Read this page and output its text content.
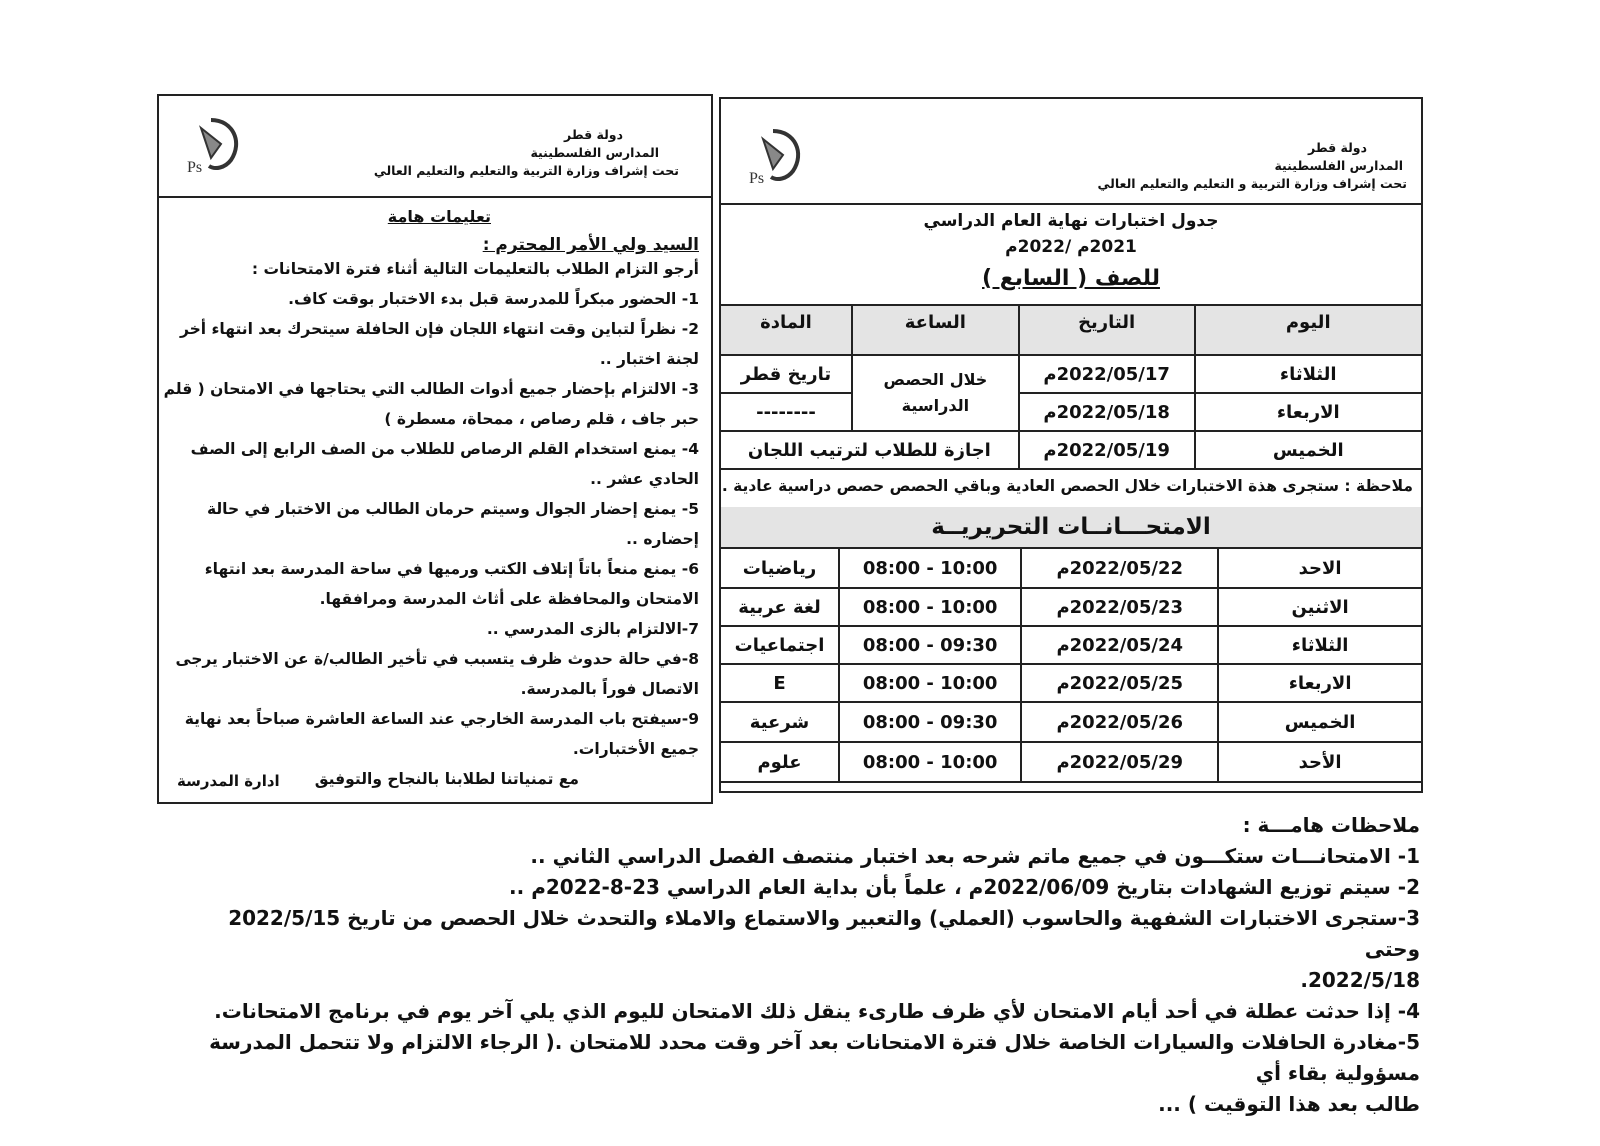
Ps
دولة قطر
المدارس الفلسطينية
تحت إشراف وزارة التربية و التعليم والتعليم العالي
جدول اختبارات نهاية العام الدراسي
2021م /2022م
للصف ( السابع )
اليوم	التاريخ	الساعة	المادة
الثلاثاء	2022/05/17م	خلال الحصص الدراسية	تاريخ قطر
الاربعاء	2022/05/18م		--------
الخميس	2022/05/19م	اجازة للطلاب لترتيب اللجان	
ملاحظة : ستجرى هذة الاختبارات خلال الحصص العادية وباقي الحصص حصص دراسية عادية .
الامتحـــانــات التحريريــة
الاحد	2022/05/22م	08:00 - 10:00	رياضيات
الاثنين	2022/05/23م	08:00 - 10:00	لغة عربية
الثلاثاء	2022/05/24م	08:00 - 09:30	اجتماعيات
الاربعاء	2022/05/25م	08:00 - 10:00	E
الخميس	2022/05/26م	08:00 - 09:30	شرعية
الأحد	2022/05/29م	08:00 - 10:00	علوم
Ps
دولة قطر
المدارس الفلسطينية
تحت إشراف وزارة التربية والتعليم والتعليم العالي
تعليمات هامة
السيد ولي الأمر المحترم :
أرجو التزام الطلاب بالتعليمات التالية أثناء فترة الامتحانات :
1- الحضور مبكراً للمدرسة قبل بدء الاختبار بوقت كاف.
2- نظراً لتباين وقت انتهاء اللجان فإن الحافلة سيتحرك بعد انتهاء أخر
لجنة اختبار ..
3- الالتزام بإحضار جميع أدوات الطالب التي يحتاجها في الامتحان ( قلم
حبر جاف ، قلم رصاص ، ممحاة، مسطرة )
4- يمنع استخدام القلم الرصاص للطلاب من الصف الرابع إلى الصف
الحادي عشر ..
5- يمنع إحضار الجوال وسيتم حرمان الطالب من الاختبار في حالة
إحضاره ..
6- يمنع منعاً باتاً إتلاف الكتب ورميها في ساحة المدرسة بعد انتهاء
الامتحان والمحافظة على أثاث المدرسة ومرافقها.
7-الالتزام بالزى المدرسي ..
8-في حالة حدوث ظرف يتسبب في تأخير الطالب/ة عن الاختبار يرجى
الاتصال فوراً بالمدرسة.
9-سيفتح باب المدرسة الخارجي عند الساعة العاشرة صباحاً بعد نهاية
جميع الأختبارات.
مع تمنياتنا لطلابنا بالنجاح والتوفيق
ادارة المدرسة

ملاحظات هامـــة :

1- الامتحانـــات ستكـــون في جميع ماتم شرحه بعد اختبار منتصف الفصل الدراسي الثاني ..

2- سيتم توزيع الشهادات بتاريخ 2022/06/09م ، علماً بأن بداية العام الدراسي 23-8-2022م ..

3-ستجرى الاختبارات الشفهية والحاسوب (العملي) والتعبير والاستماع والاملاء والتحدث خلال الحصص من تاريخ 2022/5/15 وحتى

2022/5/18.

4- إذا حدثت عطلة في أحد أيام الامتحان لأي ظرف طارىء ينقل ذلك الامتحان لليوم الذي يلي آخر يوم في برنامج الامتحانات.

5-مغادرة الحافلات والسيارات الخاصة خلال فترة الامتحانات بعد آخر وقت محدد للامتحان .( الرجاء الالتزام ولا تتحمل المدرسة مسؤولية بقاء أي

طالب بعد هذا التوقيت ) ...
